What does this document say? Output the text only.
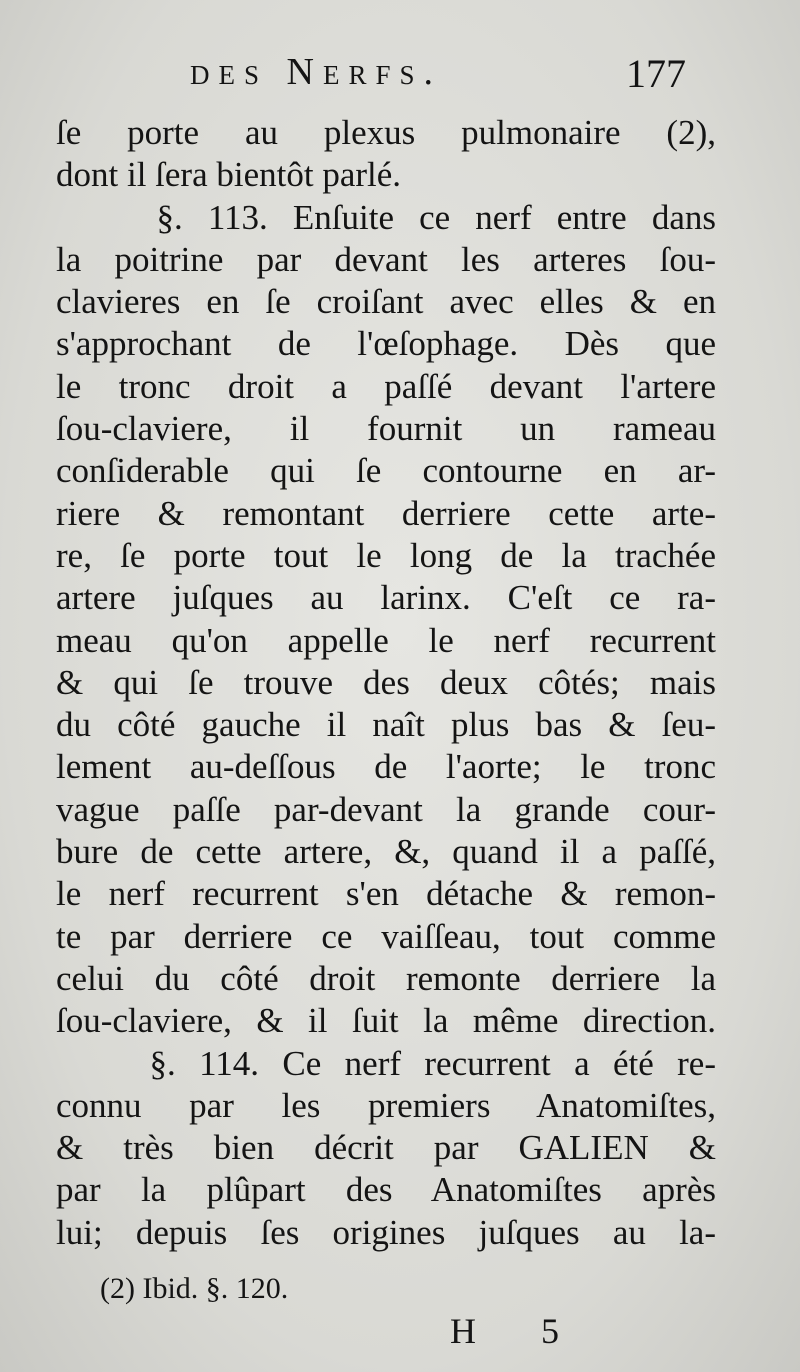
des Nerfs.	177
ſe porte au plexus pulmonaire (2),
dont il ſera bientôt parlé.
§. 113. Enſuite ce nerf entre dans
la poitrine par devant les arteres ſou-
clavieres en ſe croiſant avec elles & en
s'approchant de l'œſophage. Dès que
le tronc droit a paſſé devant l'artere
ſou-claviere, il fournit un rameau
conſiderable qui ſe contourne en ar-
riere & remontant derriere cette arte-
re, ſe porte tout le long de la trachée
artere juſques au larinx. C'eſt ce ra-
meau qu'on appelle le nerf recurrent
& qui ſe trouve des deux côtés; mais
du côté gauche il naît plus bas & ſeu-
lement au-deſſous de l'aorte; le tronc
vague paſſe par-devant la grande cour-
bure de cette artere, &, quand il a paſſé,
le nerf recurrent s'en détache & remon-
te par derriere ce vaiſſeau, tout comme
celui du côté droit remonte derriere la
ſou-claviere, & il ſuit la même direction.
§. 114. Ce nerf recurrent a été re-
connu par les premiers Anatomiſtes,
& très bien décrit par GALIEN &
par la plûpart des Anatomiſtes après
lui; depuis ſes origines juſques au la-
(2) Ibid. §. 120.
H 5
